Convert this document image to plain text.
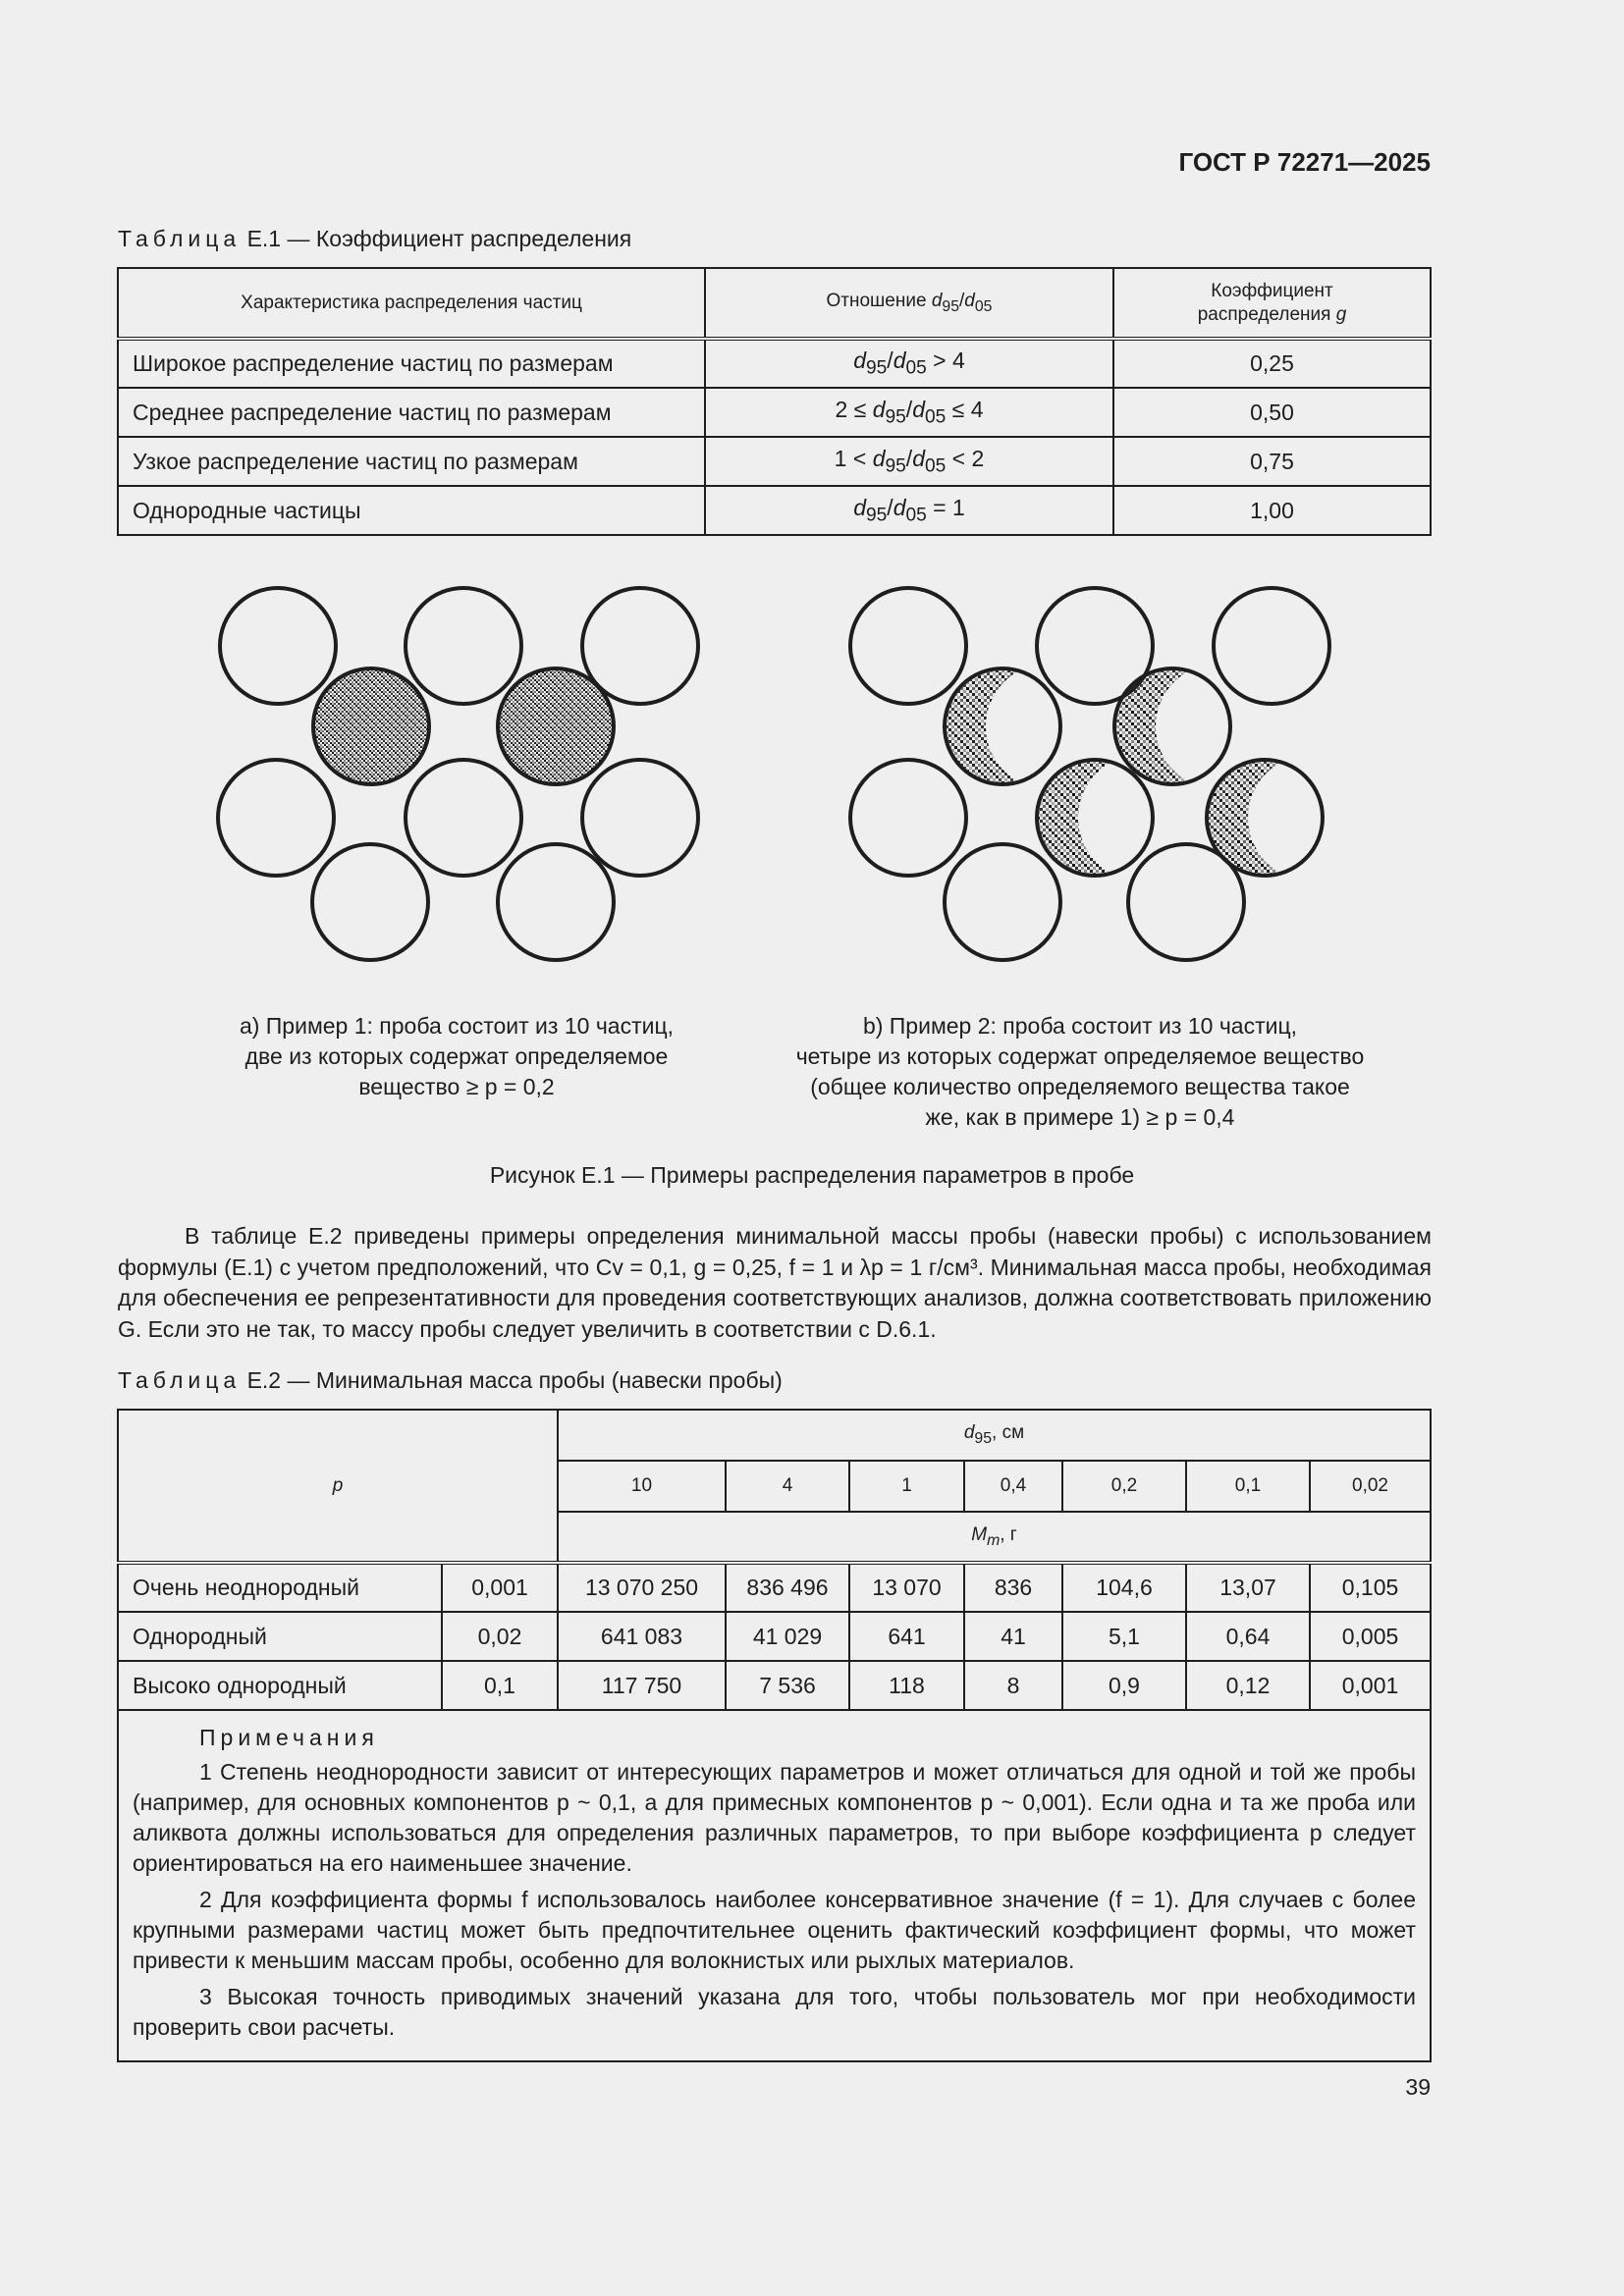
ГОСТ Р 72271—2025
Таблица Е.1 — Коэффициент распределения
Характеристика распределения частиц	Отношение $d_{95}/d_{05}$	Коэффициент
распределения g
Широкое распределение частиц по размерам	$d_{95}/d_{05} > 4$	0,25
Среднее распределение частиц по размерам	$2 \le d_{95}/d_{05} \le 4$	0,50
Узкое распределение частиц по размерам	$1 < d_{95}/d_{05} < 2$	0,75
Однородные частицы	$d_{95}/d_{05} = 1$	1,00
a) Пример 1: проба состоит из 10 частиц,
две из которых содержат определяемое
вещество ≥ p = 0,2
b) Пример 2: проба состоит из 10 частиц,
четыре из которых содержат определяемое вещество
(общее количество определяемого вещества такое
же, как в примере 1) ≥ p = 0,4
Рисунок Е.1 — Примеры распределения параметров в пробе
В таблице Е.2 приведены примеры определения минимальной массы пробы (навески пробы) с использованием формулы (Е.1) с учетом предположений, что Cv = 0,1, g = 0,25, f = 1 и λp = 1 г/см³. Минимальная масса пробы, необходимая для обеспечения ее репрезентативности для проведения соответствующих анализов, должна соответствовать приложению G. Если это не так, то массу пробы следует увеличить в соответствии с D.6.1.
Таблица Е.2 — Минимальная масса пробы (навески пробы)
p		$d_{95}$, см						
		10	4	1	0,4	0,2	0,1	0,02
		$M_m$, г						
Очень неоднородный	0,001	13 070 250	836 496	13 070	836	104,6	13,07	0,105
Однородный	0,02	641 083	41 029	641	41	5,1	0,64	0,005
Высоко однородный	0,1	117 750	7 536	118	8	0,9	0,12	0,001

Примечания

1 Степень неоднородности зависит от интересующих параметров и может отличаться для одной и той же пробы (например, для основных компонентов p ~ 0,1, а для примесных компонентов p ~ 0,001). Если одна и та же проба или аликвота должны использоваться для определения различных параметров, то при выборе коэффициента p следует ориентироваться на его наименьшее значение.

2 Для коэффициента формы f использовалось наиболее консервативное значение (f = 1). Для случаев с более крупными размерами частиц может быть предпочтительнее оценить фактический коэффициент формы, что может привести к меньшим массам пробы, особенно для волокнистых или рыхлых материалов.

3 Высокая точность приводимых значений указана для того, чтобы пользователь мог при необходимости проверить свои расчеты.								

39
